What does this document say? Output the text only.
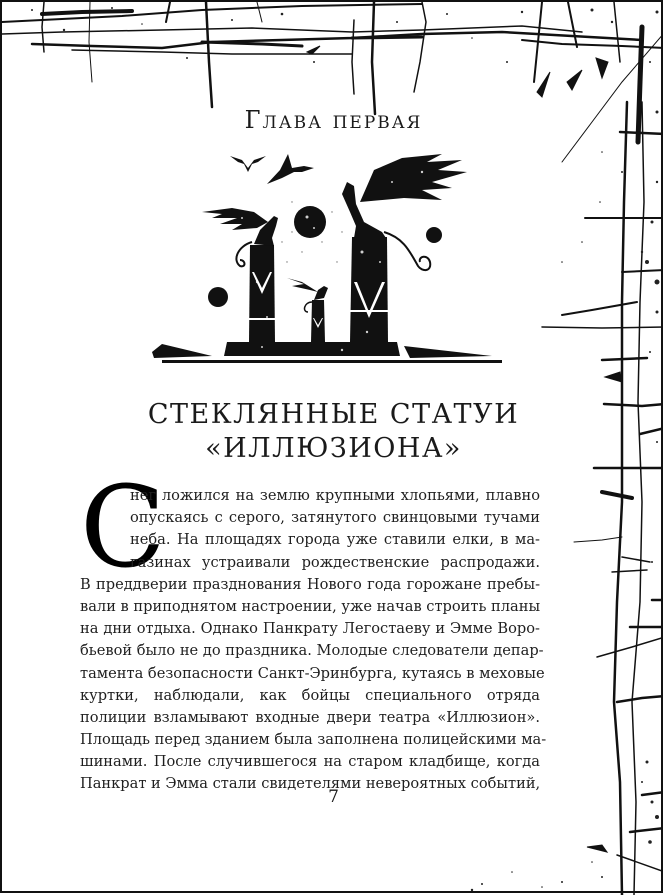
Глава первая
СТЕКЛЯННЫЕ СТАТУИ
«ИЛЛЮЗИОНА»
С
нег ложился на землю крупными хлопьями, плавно
опускаясь с серого, затянутого свинцовыми тучами
неба. На площадях города уже ставили елки, в ма-
газинах устраивали рождественские распродажи.
В преддверии празднования Нового года горожане пребы-
вали в приподнятом настроении, уже начав строить планы
на дни отдыха. Однако Панкрату Легостаеву и Эмме Воро-
бьевой было не до праздника. Молодые следователи депар-
тамента безопасности Санкт-Эринбурга, кутаясь в меховые
куртки, наблюдали, как бойцы специального отряда
полиции взламывают входные двери театра «Иллюзион».
Площадь перед зданием была заполнена полицейскими ма-
шинами. После случившегося на старом кладбище, когда
Панкрат и Эмма стали свидетелями невероятных событий,
7
